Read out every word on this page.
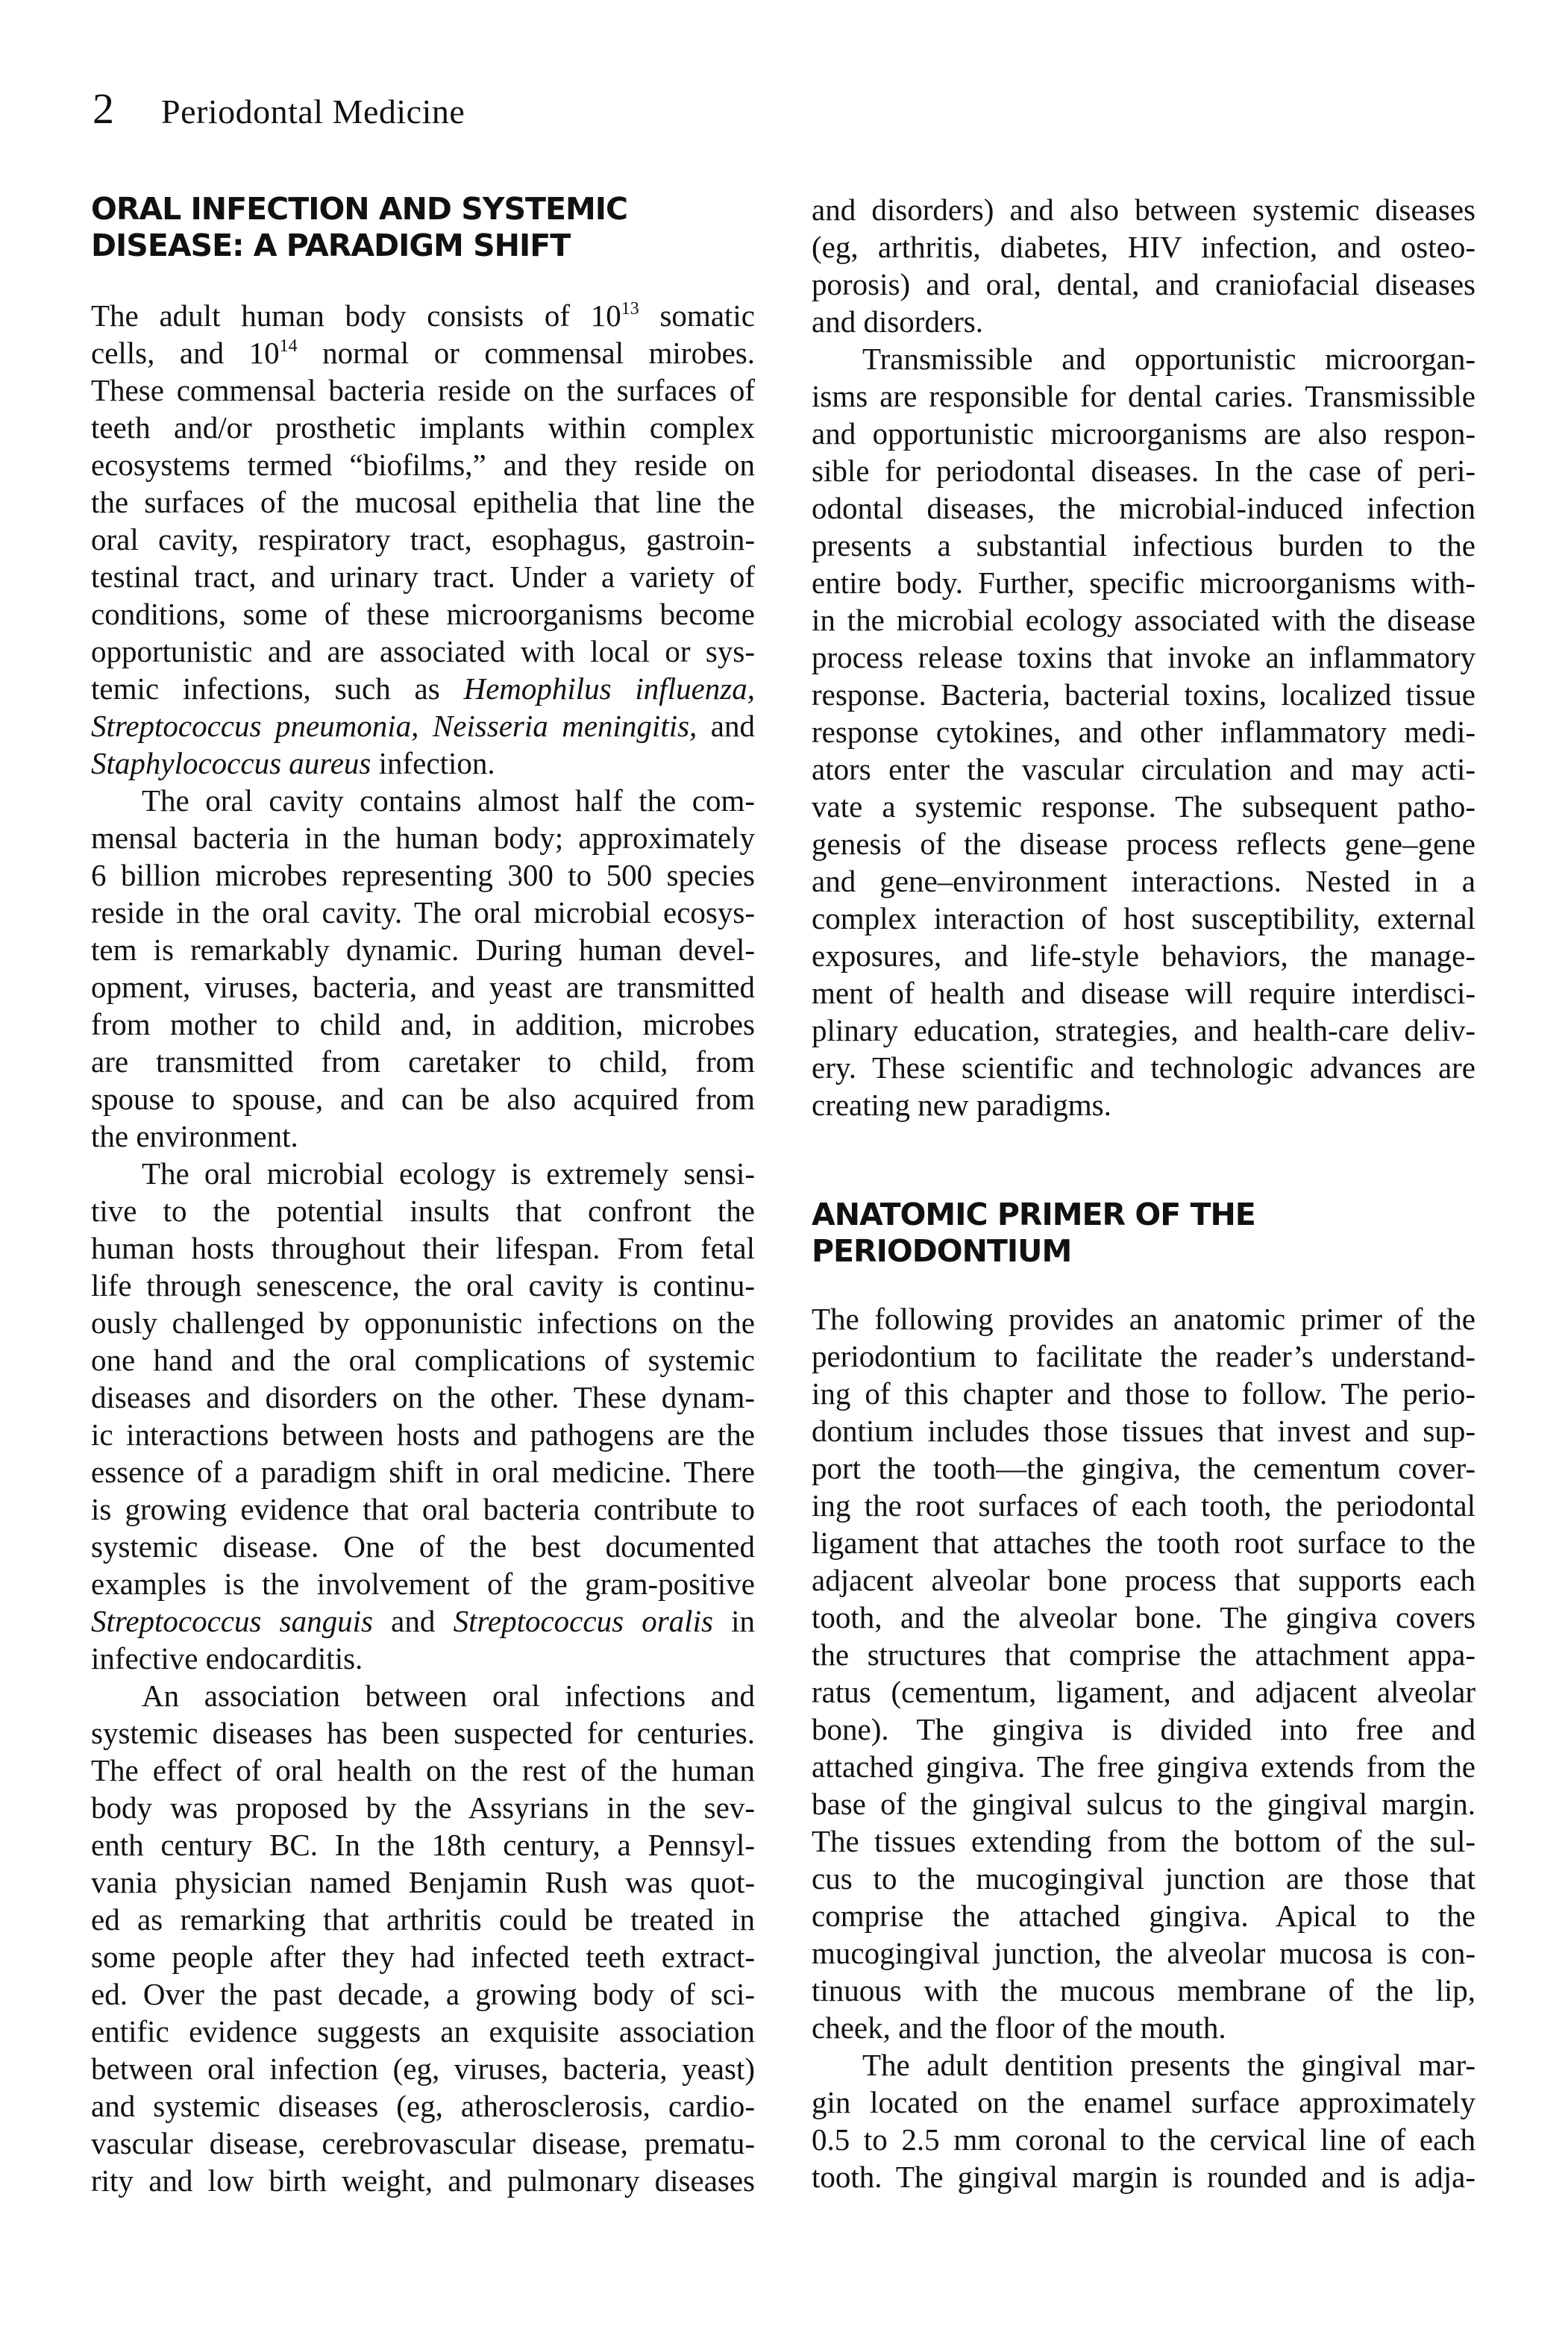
2 Periodontal Medicine
ORAL INFECTION AND SYSTEMIC
DISEASE: A PARADIGM SHIFT
The adult human body consists of $10^{13}$ somatic
cells, and $10^{14}$ normal or commensal mirobes.
These commensal bacteria reside on the surfaces of
teeth and/or prosthetic implants within complex
ecosystems termed “biofilms,” and they reside on
the surfaces of the mucosal epithelia that line the
oral cavity, respiratory tract, esophagus, gastroin-
testinal tract, and urinary tract. Under a variety of
conditions, some of these microorganisms become
opportunistic and are associated with local or sys-
temic infections, such as Hemophilus influenza,
Streptococcus pneumonia, Neisseria meningitis, and
Staphylococcus aureus infection.
The oral cavity contains almost half the com-
mensal bacteria in the human body; approximately
6 billion microbes representing 300 to 500 species
reside in the oral cavity. The oral microbial ecosys-
tem is remarkably dynamic. During human devel-
opment, viruses, bacteria, and yeast are transmitted
from mother to child and, in addition, microbes
are transmitted from caretaker to child, from
spouse to spouse, and can be also acquired from
the environment.
The oral microbial ecology is extremely sensi-
tive to the potential insults that confront the
human hosts throughout their lifespan. From fetal
life through senescence, the oral cavity is continu-
ously challenged by opponunistic infections on the
one hand and the oral complications of systemic
diseases and disorders on the other. These dynam-
ic interactions between hosts and pathogens are the
essence of a paradigm shift in oral medicine. There
is growing evidence that oral bacteria contribute to
systemic disease. One of the best documented
examples is the involvement of the gram-positive
Streptococcus sanguis and Streptococcus oralis in
infective endocarditis.
An association between oral infections and
systemic diseases has been suspected for centuries.
The effect of oral health on the rest of the human
body was proposed by the Assyrians in the sev-
enth century BC. In the 18th century, a Pennsyl-
vania physician named Benjamin Rush was quot-
ed as remarking that arthritis could be treated in
some people after they had infected teeth extract-
ed. Over the past decade, a growing body of sci-
entific evidence suggests an exquisite association
between oral infection (eg, viruses, bacteria, yeast)
and systemic diseases (eg, atherosclerosis, cardio-
vascular disease, cerebrovascular disease, prematu-
rity and low birth weight, and pulmonary diseases
and disorders) and also between systemic diseases
(eg, arthritis, diabetes, HIV infection, and osteo-
porosis) and oral, dental, and craniofacial diseases
and disorders.
Transmissible and opportunistic microorgan-
isms are responsible for dental caries. Transmissible
and opportunistic microorganisms are also respon-
sible for periodontal diseases. In the case of peri-
odontal diseases, the microbial-induced infection
presents a substantial infectious burden to the
entire body. Further, specific microorganisms with-
in the microbial ecology associated with the disease
process release toxins that invoke an inflammatory
response. Bacteria, bacterial toxins, localized tissue
response cytokines, and other inflammatory medi-
ators enter the vascular circulation and may acti-
vate a systemic response. The subsequent patho-
genesis of the disease process reflects gene–gene
and gene–environment interactions. Nested in a
complex interaction of host susceptibility, external
exposures, and life-style behaviors, the manage-
ment of health and disease will require interdisci-
plinary education, strategies, and health-care deliv-
ery. These scientific and technologic advances are
creating new paradigms.
ANATOMIC PRIMER OF THE
PERIODONTIUM
The following provides an anatomic primer of the
periodontium to facilitate the reader’s understand-
ing of this chapter and those to follow. The perio-
dontium includes those tissues that invest and sup-
port the tooth—the gingiva, the cementum cover-
ing the root surfaces of each tooth, the periodontal
ligament that attaches the tooth root surface to the
adjacent alveolar bone process that supports each
tooth, and the alveolar bone. The gingiva covers
the structures that comprise the attachment appa-
ratus (cementum, ligament, and adjacent alveolar
bone). The gingiva is divided into free and
attached gingiva. The free gingiva extends from the
base of the gingival sulcus to the gingival margin.
The tissues extending from the bottom of the sul-
cus to the mucogingival junction are those that
comprise the attached gingiva. Apical to the
mucogingival junction, the alveolar mucosa is con-
tinuous with the mucous membrane of the lip,
cheek, and the floor of the mouth.
The adult dentition presents the gingival mar-
gin located on the enamel surface approximately
0.5 to 2.5 mm coronal to the cervical line of each
tooth. The gingival margin is rounded and is adja-
